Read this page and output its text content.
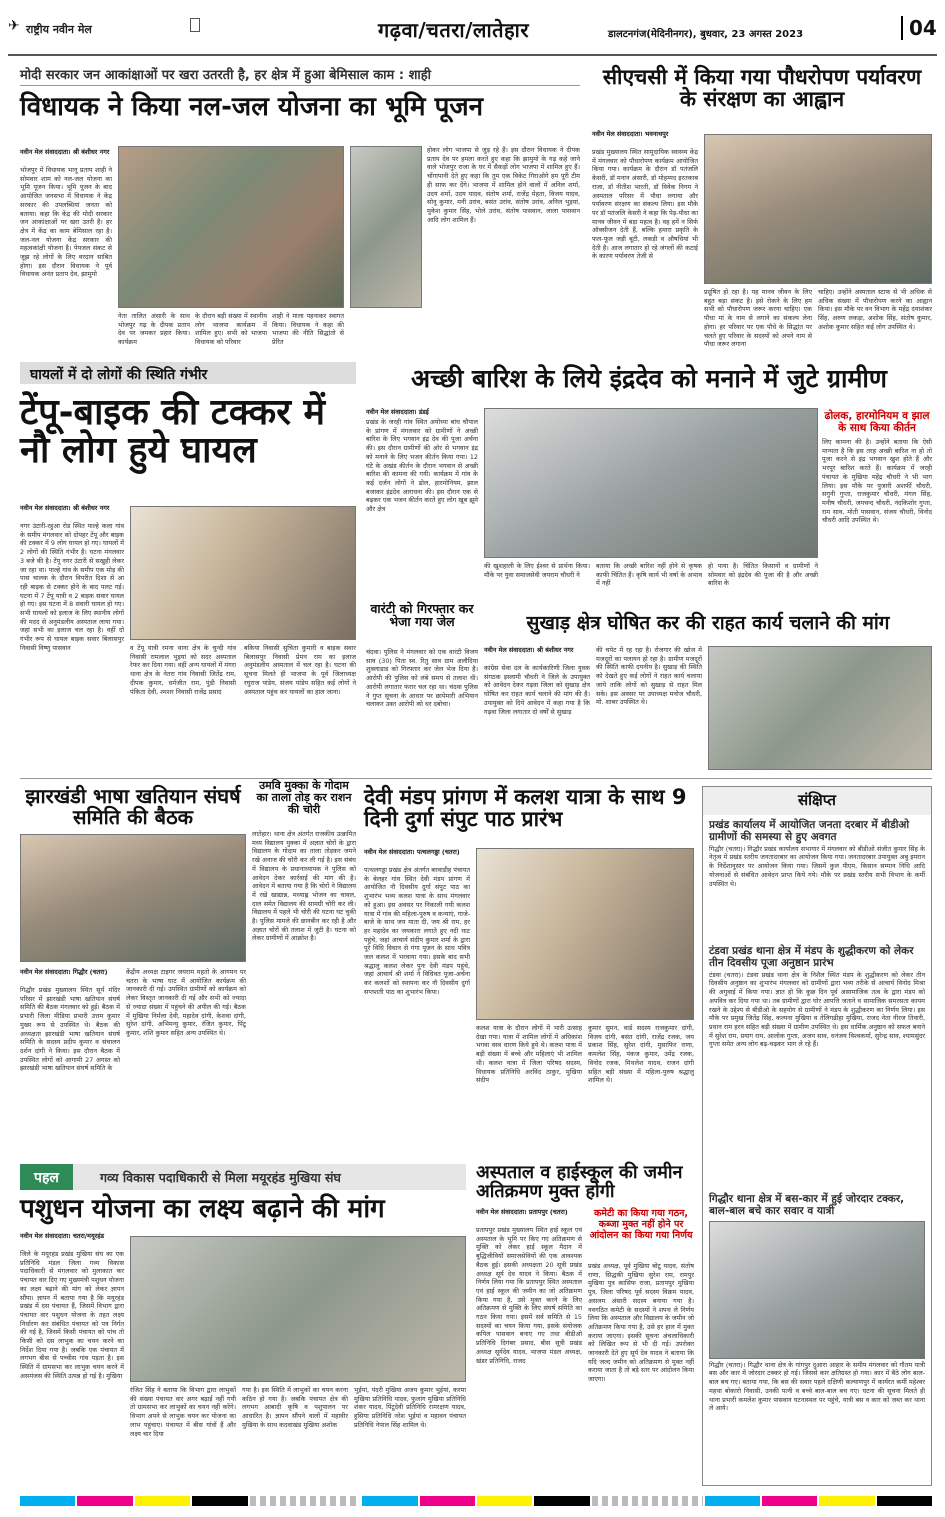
✈ राष्ट्रीय नवीन मेल	गढ़वा/चतरा/लातेहार	डालटनगंज(मेदिनीनगर), बुधवार, 23 अगस्त 2023	04
मोदी सरकार जन आकांक्षाओं पर खरा उतरती है, हर क्षेत्र में हुआ बेमिसाल काम : शाही
विधायक ने किया नल-जल योजना का भूमि पूजन
नवीन मेल संवाददाता। श्री बंशीधर नगर
भोजपुर में विधायक भानू प्रताप शाही ने सोमवार शाम को नल-जल योजना का भूमि पूजन किया। भूमि पूजन के बाद आयोजित जनसभा में विधायक ने केंद्र सरकार की उपलब्धियां जनता को बताया। कहा कि केंद्र की मोदी सरकार जन आकांक्षाओं पर खरा उतरी है। हर क्षेत्र में केंद्र का काम बेमिसाल रहा है। जल-नल योजना केंद्र सरकार की महत्वकांक्षी योजना है। पेयजल संकट से जूझ रहे लोगों के लिए वरदान साबित होगा। इस दौरान विधायक ने पूर्व विधायक अनंत प्रताप देव, झामुमो
नेता तालित अंसारी के साथ भोजपुर गढ़ के दीपक प्रताप देव पर जमकर प्रहार किया। कार्यक्रम
के दौरान बड़ी संख्या में स्थानीय लोग भाजपा कार्यक्रम में शामिल हुए। सभी को भाजपा विधायक को परिवार
शाही ने माला पहनाकर स्वागत किया। विधायक ने कहा की भाजपा की नीति सिद्धांतो से प्रेरित
होकर लोग भाजपा से जुड़ रहे हैं। इस दौरान विधायक ने दीपक प्रताप देव पर हमला करते हुए कहा कि झामुमो के गढ़ कहे जाने वाले भोजपुर राजा के घर में सैकड़ों लोग भाजपा में शामिल हुए हैं। चोंगापानी देते हुए कहा कि तुम एक विकेट गिराओगे हम पूरी टीम ही साफ कर देंगे। भाजपा में शामिल होने वालों में अनिल शर्मा, उदय शर्मा, उदय यादव, संतोष शर्मा, राजेंद्र मेहता, विजय यादव, सोनू कुमार, मनी उरांव, बसंत उरांव, संतोष उरांव, अनिल भुइयां, मुकेश कुमार सिंह, भोले उरांव, संतोष पासवान, लाला पासवान आदि लोग शामिल हैं।
सीएचसी में किया गया पौधरोपण पर्यावरण के संरक्षण का आह्वान
नवीन मेल संवाददाता। भवनाथपुर
प्रखंड मुख्यालय स्थित सामुदायिक स्वास्थ्य केंद्र में मंगलवार को पौधारोपण कार्यक्रम आयोजित किया गया। कार्यक्रम के दौरान डॉ पतंजलि केसरी, डॉ मनान अंसारी, डॉ मोहम्मद इरतकाब राजा, डॉ नीतीश भारती, डॉ विवेक निगम ने अस्पताल परिसर में पौधा लगाया और पर्यावरण संरक्षण का संकल्प लिया। इस मौके पर डॉ पतंजलि केसरी ने कहा कि पेड़-पौधा का मानव जीवन में बड़ा महत्व है। वह हमें न सिर्फ ऑक्सीजन देती हैं, बल्कि हमारा प्रकृति के फल-फूल जड़ी बूटी, लकड़ी व औषधियां भी देती है। आज लगातार हो रहे जंगलों की कटाई के कारण पर्यावरण तेजी से
प्रदूषित हो रहा है। यह मानव जीवन के लिए बहुत बड़ा संकट है। इसे रोकने के लिए हम सभी को पौधारोपण जरूर करना चाहिए। एक पौधा मां के नाम से लगाने का संकल्प लेना होगा। हर परिवार पर एक पौधे के सिद्धांत पर चलते हुए परिवार के सदस्यों को अपने नाम से पौधा जरूर लगाना
चाहिए। उन्होंने अस्पताल स्टाफ से भी अधिक से अधिक संख्या में पौधारोपण करने का आह्वान किया। इस मौके पर वन विभाग के महेंद्र दयाशंकर सिंह, अरुण लकड़ा, अशोक सिंह, संतोष कुमार, अशोक कुमार सहित कई लोग उपस्थित थे।
घायलों में दो लोगों की स्थिति गंभीर
टेंपू-बाइक की टक्कर में नौ लोग हुये घायल
नवीन मेल संवाददाता। श्री बंशीधर नगर
नगर उंटारी-रहुआ रोड स्थित पाल्हे कला गांव के समीप मंगलवार को दोपहर टेंपू और बाइक की टक्कर में 9 लोग घायल हो गए। घायलों में 2 लोगों की स्थिति गंभीर है। घटना मंगलवार 3 बजे की है। टेंपू नगर उंटारी से सखुही लेकर जा रहा था। पाल्हे गांव के समीप एक मोड़ की पास चालक के दौरान विपरीत दिशा से आ रही बाइक से टक्कर होने के बाद पलट गई। घटना में 7 टेंपू यात्री व 2 बाइक सवार घायल हो गए। इस घटना में 8 सवारी घायल हो गए। सभी घायलों को इलाज के लिए स्थानीय लोगों की मदद से अनुमंडलीय अस्पताल लाया गया। जहां सभी का इलाज चल रहा है। वहीं दो गंभीर रूप से घायल बाइक सवार बिलासपुर निवासी विष्णु पासवान	व टेंपू यात्री रमना थाना क्षेत्र के चुन्दी गांव निवासी रामलाल भुइयां को सदर अस्पताल रेफर कर दिया गया। वहीं अन्य घायलों में मंगरा थाना क्षेत्र के नेतरा गांव निवासी जितेंद्र राम, दीपक कुमार, धर्मजीत राम, पुंडी निवासी पंकिता देवी, श्मशर निवासी राजेंद्र प्रसाद
बकिया निवासी सुचिता कुमारी व बाइक सवार बिलासपुर निवासी प्रेमन राम का इलाज अनुमंडलीय अस्पताल में चल रहा है। घटना की सूचना मिलते ही भाजपा के पूर्व जिलाध्यक्ष रघुराज पांडेय, संजय पांडेय सहित कई लोगों ने अस्पताल पहुंच कर घायलों का हाल जाना।
अच्छी बारिश के लिये इंद्रदेव को मनाने में जुटे ग्रामीण
नवीन मेल संवाददाता। डंडई
प्रखंड के जरही गांव स्थित अयोध्या बांध चौपाल के प्रांगण में मंगलवार को ग्रामीणों ने अच्छी बारिश के लिए भगवान इंद्र देव की पूजा अर्चना की। इस दौरान ग्रामीणों की ओर से भगवान इंद्र को मनाने के लिए भजन कीर्तन किया गया। 12 घंटे के अखंड कीर्तन के दौरान भगवान से अच्छी बारिश की कामना की गयी। कार्यक्रम में गांव के कई दर्जन लोगों ने ढोल, हारमोनियम, झाल बजाकर इंद्रदेव आराधना की। इस दौरान एक से बढ़कर एक भजन कीर्तन करते हुए लोग खूब झूमे और क्षेत्र
की खुशहाली के लिए ईश्वर से प्रार्थना किया। मौके पर युवा समाजसेवी जयराम चौधरी ने
बताया कि अच्छी बारिश नहीं होने से कृषक काफी चिंतित हैं। कृषि कार्य भी वर्षा के अभाव में नहीं
हो पाया है। चिंतित किसानों व ग्रामीणों ने सोमवार को इंद्रदेव की पूजा की है और अच्छी बारिश के
ढोलक, हारमोनियम व झाल के साथ किया कीर्तन
लिए कामना की है। उन्होंने बताया कि ऐसी मान्यता है कि इस तरह अच्छी बारिश ना हो तो पूजा करने से इंद्र भगवान खुश होते हैं और भरपूर बारिश करते हैं। कार्यक्रम में जरही पंचायत के मुखिया महेंद्र चौधरी ने भी भाग लिया। इस मौके पर पुजारी अशर्फी चौधरी, सगुनी गुप्ता, राजकुमार चौधरी, मंगल सिंह, मनीष चौधरी, जयचन्द चौधरी, नंदकिशोर गुप्ता, राम साव, मोती पासवान, संजय चौधरी, विनोद चौधरी आदि उपस्थित थे।
वारंटी को गिरफ्तार कर भेजा गया जेल
चंदवा। पुलिस ने मंगलवार को एक वारंटी विजय साव (30) पिता स्व. रितु साव ग्राम अलौदिया शुक्लाडाड को गिरफ्तार कर जेल भेज दिया है। आरोपी की पुलिस को लंबे समय से तलाश थी। आरोपी लगातार फरार चल रहा था। चंदवा पुलिस ने गुप्त सूचना के आधार पर छापेमारी अभियान चलाकर उक्त आरोपी को धर दबोचा।
सुखाड़ क्षेत्र घोषित कर की राहत कार्य चलाने की मांग
नवीन मेल संवाददाता। श्री बंशीधर नगर
कांग्रेस सेवा दल के कार्यकारिणी जिला युवक संगठक इस्लामी चौधरी ने जिले के उपायुक्त को आवेदन देकर गढ़वा जिला को सुखाड़ क्षेत्र घोषित कर राहत कार्य चलाने की मांग की है। उपायुक्त को दिये आवेदन में कहा गया है कि गढ़वा जिला लगातार दो वर्षों से सुखाड़
की चपेट में रह रहा है। रोजगार की खोज में मजदूरों का पलायन हो रहा है। ग्रामीण मजदूरों की स्थिति काफी दयनीय है। सुखाड़ की स्थिति को देखते हुए कई लोगों ने राहत कार्य चलाया जाये ताकि लोगों को सुखाड़ से राहत मिल सके। इस अवसर पर उपाध्यक्ष मनोज चौधरी, मो. शाबर उपस्थित थे।
झारखंडी भाषा खतियान संघर्ष समिति की बैठक
नवीन मेल संवाददाता। गिद्धौर (चतरा)
गिद्धौर प्रखंड मुख्यालय स्थित सूर्य मंदिर परिसर में झारखंडी भाषा खतियान संघर्ष समिति की बैठक मंगलवार को हुई। बैठक में प्रभारी जिला मीडिया प्रभारी उत्तम कुमार मुख्य रूप से उपस्थित थे। बैठक की अध्यक्षता झारखंडी भाषा खतियान संघर्ष समिति के सदस्य प्रदीप कुमार व संचालन दर्शन दांगी ने किया। इस दौरान बैठक में उपस्थित लोगों को आगामी 27 अगस्त को झारखंडी भाषा खतियान संघर्ष समिति के
केंद्रीय अध्यक्ष टाइगर जयराम महतो के आगमन पर चतरा के भाषा घाट में आयोजित कार्यक्रम की जानकारी दी गई। उपस्थित ग्रामीणों को कार्यक्रम को लेकर विस्तृत जानकारी दी गई और सभी को ज्यादा से ज्यादा संख्या में पहुंचने की अपील की गई। बैठक में मुखिया निर्मला देवी, महादेव दांगी, केशवा दांगी, सुरेश दांगी, अभिमन्यु कुमार, रंजित कुमार, पिंटू कुमार, शशि कुमार सहित अन्य उपस्थित थे।
उमवि मुक्का के गोदाम का ताला तोड़ कर राशन की चोरी
लातेहार। थाना क्षेत्र अंतर्गत राजकीय उत्क्रमित मध्य विद्यालय मुक्का में अज्ञात चोरों के द्वारा विद्यालय के गोदाम का ताला तोड़कर जमने रखे अनाज की चोरी कर ली गई है। इस संबंध में विद्यालय के प्रधानाध्यापक ने पुलिस को आवेदन देकर कार्रवाई की मांग की है। आवेदन में बताया गया है कि चोरों ने विद्यालय में रखे खाद्यान्न, मध्याह्न भोजन का चावल, दाल समेत विद्यालय की सामग्री चोरी कर ली। विद्यालय में पहले भी चोरी की घटना घट चुकी है। पुलिस मामले की छानबीन कर रही है और अज्ञात चोरों की तलाश में जुटी है। घटना को लेकर ग्रामीणों में आक्रोश है।
देवी मंडप प्रांगण में कलश यात्रा के साथ 9 दिनी दुर्गा संपुट पाठ प्रारंभ
नवीन मेल संवाददाता। पत्थलगड्डा (चतरा)
पत्थलगड्डा प्रखंड क्षेत्र अंतर्गत बरवाडीह पंचायत के बेलहर गांव स्थित देवी मंडप प्रांगण में आयोजित नौ दिवसीय दुर्गा संपुट पाठ का शुभारंभ भव्य कलश यात्रा के साथ मंगलवार को हुआ। इस अवसर पर निकाली गयी कलश यात्रा में गांव की महिला-पुरुष व कन्याएं, गाजे-बाजे के साथ जय माता दी, जय श्री राम, हर हर महादेव का जयकारा लगाते हुए नदी घाट पहुंचे, जहां आचार्य संदीप कुमार शर्मा के द्वारा पूरे विधि विधान से गंगा पूजन के साथ पवित्र जल कलश में भरवाया गया। इसके बाद सभी श्रद्धालु कलश लेकर पुनः देवी मंडप पहुंचे, जहां आचार्य श्री शर्मा ने विधिवत पूजा-अर्चना कर कलशों को स्थापना कर नौ दिवसीय दुर्गा सप्तशती पाठ का शुभारंभ किया।
कलश यात्रा के दौरान लोगों में भारी उत्साह देखा गया। यात्रा में शामिल लोगों में अधिकांश भगवा वस्त्र धारण किये हुये थे। कलश यात्रा में बड़ी संख्या में बच्चे और महिलाएं भी शामिल थी। कलश यात्रा में जिला परिषद सदस्य, विधायक प्रतिनिधि अरविंद ठाकुर, मुखिया संदीप
कुमार सुमन, वार्ड सदस्य राजकुमार दांगी, विजय दांगी, बसंत दांगी, राजेंद्र रजक, जय प्रकाश सिंह, सुरेश दांगी, मुसाफिर राणा, कमलेश सिंह, पंकज कुमार, उमेंद्र रजक, विनोद रजक, मिथलेश यादव, राजन दांगी सहित बड़ी संख्या में महिला-पुरुष श्रद्धालु शामिल थे।
संक्षिप्त
प्रखंड कार्यालय में आयोजित जनता दरबार में बीडीओ ग्रामीणों की समस्या से हुए अवगत
गिद्धौर (चतरा)। गिद्धौर प्रखंड कार्यालय सभागार में मंगलवार को बीडीओ संजीत कुमार सिंह के नेतृत्व में प्रखंड स्तरीय जनतादरबार का आयोजन किया गया। जनतादरबार उपायुक्त अबु इमरान के निर्देशानुसार पर आयोजन किया गया। जिसमें कुल पीएम, किसान सम्मान निधि आदि योजनाओं से संबंधित आवेदन प्राप्त किये गये। मौके पर प्रखंड स्तरीय सभी विभाग के कर्मी उपस्थित थे।
टंडवा प्रखंड थाना क्षेत्र में मंडप के शुद्धीकरण को लेकर तीन दिवसीय पूजा अनुष्ठान प्रारंभ
टंडवा (चतरा)। टंडवा प्रखंड थाना क्षेत्र के निशैल स्थित मंडप के शुद्धीकरण को लेकर तीन दिवसीय अनुष्ठान का शुभारंभ मंगलवार को ग्रामीणों द्वारा भव्य तरीके से आचार्य विनोद मिश्रा की अगुवाई में किया गया। ज्ञात हो कि कुछ दिन पूर्व असामाजिक तत्व के द्वारा मंडप को अपवित्र कर दिया गया था। तब ग्रामीणों द्वारा घोर आपत्ति जताने व सामाजिक समरसता कायम रखने के उद्देश्य से बीडीओ के सहयोग से ग्रामीणों ने मंडप के शुद्धीकरण का निर्णय लिया। इस मौके पर प्रमुख जितेंद्र सिंह, कल्पना मुखिया व तेलिगढ़ीहा मुखिया, राजद नेता नीरज तिवारी, प्रधान राम हरन सहित बड़ी संख्या में ग्रामीण उपस्थित थे। इस धार्मिक अनुष्ठान को सफल बनाने में सुरेश राम, प्रयाग राम, आलोक गुप्ता, अजय साव, धनंजय विश्वकर्मा, सुरेन्द्र साव, श्यामसुंदर गुप्ता समेत अन्य लोग बढ़-चढ़कर भाग ले रहे हैं।
गिद्धौर थाना क्षेत्र में बस-कार में हुई जोरदार टक्कर, बाल-बाल बचे कार सवार व यात्री
गिद्धौर (चतरा)। गिद्धौर थाना क्षेत्र के गांगपुर दुआरा आहार के समीप मंगलवार को गौतम यात्री बस और कार में जोरदार टक्कर हो गई। जिससे कार क्षतिग्रस्त हो गया। कार में बैठे लोग बाल-बाल बच गए। बताया गया, कि बस की सवार पहले दक्षिणी कल्याणपुर में कार्यरत कर्मी महेश्वर महथा बोकारो निवासी, उनकी पत्नी व बच्चे बाल-बाल बच गए। घटना की सूचना मिलते ही थाना प्रभारी कमलेश कुमार पासवान घटनास्थल पर पहुंचे, यात्री बस व कार को जब्त कर थाना ले आये।
पहल	गव्य विकास पदाधिकारी से मिला मयूरहंड मुखिया संघ
पशुधन योजना का लक्ष्य बढ़ाने की मांग
नवीन मेल संवाददाता। चतरा/मयूरहंड
जिले के मयूरहंड प्रखंड मुखिया संघ का एक प्रतिनिधि मंडल जिला गव्य विकास पदाधिकारी से मंगलवार को मुलाकात कर पंचायत वार दिए गए मुख्यमंत्री पशुधन योजना का लक्ष्य बढ़ाने की मांग को लेकर ज्ञापन सौंपा। ज्ञापन में बताया गया है कि मयूरहंड प्रखंड में दस पंचायत हैं, जिसमें विभाग द्वारा पंचायत वार पशुधन योजना के तहत लक्ष्य निर्धारण कर संबंधित पंचायत को पत्र निर्गत की गई है, जिसमें किसी पंचायत को पांच तो किसी को दस लाभुक का चयन करने का निर्देश दिया गया है। जबकि एक पंचायत में लगभग बीस से पच्चीस गांव पड़ता है। इस स्थिति में ग्रामसभा कर लाभुक चयन करने में असमंजस की स्थिति उत्पन्न हो गई है। मुखिया
रंजित सिंह ने बताया कि विभाग द्वारा लाभुकों की संख्या पंचायत वार अगर बढ़ाई नहीं गयी तो ग्रामसभा कर लाभुकों का चयन नहीं करेंगे। विभाग अपने से लाभुक चयन कर योजना का लाभ पहुंचाए। पंचायत में बीस गांवों हैं और लक्ष्य चार दिया
गया है। इस स्थिति में लाभुकों का चयन करना कठिन हो गया है। जबकि पंचायत क्षेत्र की लगभग आबादी कृषि व पशुपालन पर आधारित है। ज्ञापन सौंपने वालों में महावीर मुखिया के साथ कदवाखंड मुखिया अशोक
भुईयां, पंदरी मुखिया अजय कुमार भुईयां, करमा मुखिया प्रतिनिधि यादव, फुलांग मुखिया प्रतिनिधि शंकर यादव, पिंटूदेवी प्रतिनिधि रामरक्षण यादव, हुसिया प्रतिनिधि नरेश भुईयां व महावन पंचायत प्रतिनिधि नेपाल सिंह शामिल थे।
अस्पताल व हाईस्कूल की जमीन अतिक्रमण मुक्त होगी
नवीन मेल संवाददाता। प्रतापपुर (चतरा)
प्रतापपुर प्रखंड मुख्यालय स्थित हाई स्कूल एवं अस्पताल के भूमि पर किए गए अतिक्रमण से मुक्ति को लेकर हाई स्कूल मैदान में बुद्धिजीवियों समाजसेवियों की एक आवश्यक बैठक हुई। इसकी अध्यक्षता 20 सूत्री प्रखंड अध्यक्ष सूर्य देव यादव ने किया। बैठक में निर्णय लिया गया कि प्रतापपुर स्थित अस्पताल एवं हाई स्कूल की जमीन का जो अतिक्रमण किया गया है, उसे मुक्त करने के लिए अतिक्रमण से मुक्ति के लिए संघर्ष समिति का गठन किया गया। इसमें सर्व समिति से 15 सदस्यों का चयन किया गया, इसके संयोजक कपिल पासवान बनाए गए तथा बीडीओ प्रतिनिधि दिगंबर प्रसाद, बीस सूत्री प्रखंड अध्यक्ष सूर्यदेव यादव, भाजपा मंडल अध्यक्ष, खंडर प्रतिनिधि, राजद
कमेटी का किया गया गठन, कब्जा मुक्त नहीं होने पर आंदोलन का किया गया निर्णय
प्रखंड अध्यक्ष, पूर्व मुखिया बोटू यादव, संतोष राणा, सिद्धकी मुखिया सुरेश राम, रामपुर मुखिया पुत्र कासिफ राजा, प्रतापपुर मुखिया पुत्र, जिला परिषद पूर्व सदस्य विक्रम यादव, असलम अंसारी सदस्य बनाया गया है। नवगठित कमेटी के सदस्यों ने शपथ ले निर्णय लिया कि अस्पताल और विद्यालय के जमीन जो अतिक्रमण किया गया है, उसे हर हाल में मुक्त कराया जाएगा। इसकी सूचना अंचलाधिकारी को लिखित रूप से भी दी गई। उपरोक्त जानकारी देते हुए सूर्य देव यादव ने बताया कि यदि जल्द जमीन को अतिक्रमण से मुक्त नहीं कराया जाता है तो बड़े स्तर पर आंदोलन किया जाएगा।
